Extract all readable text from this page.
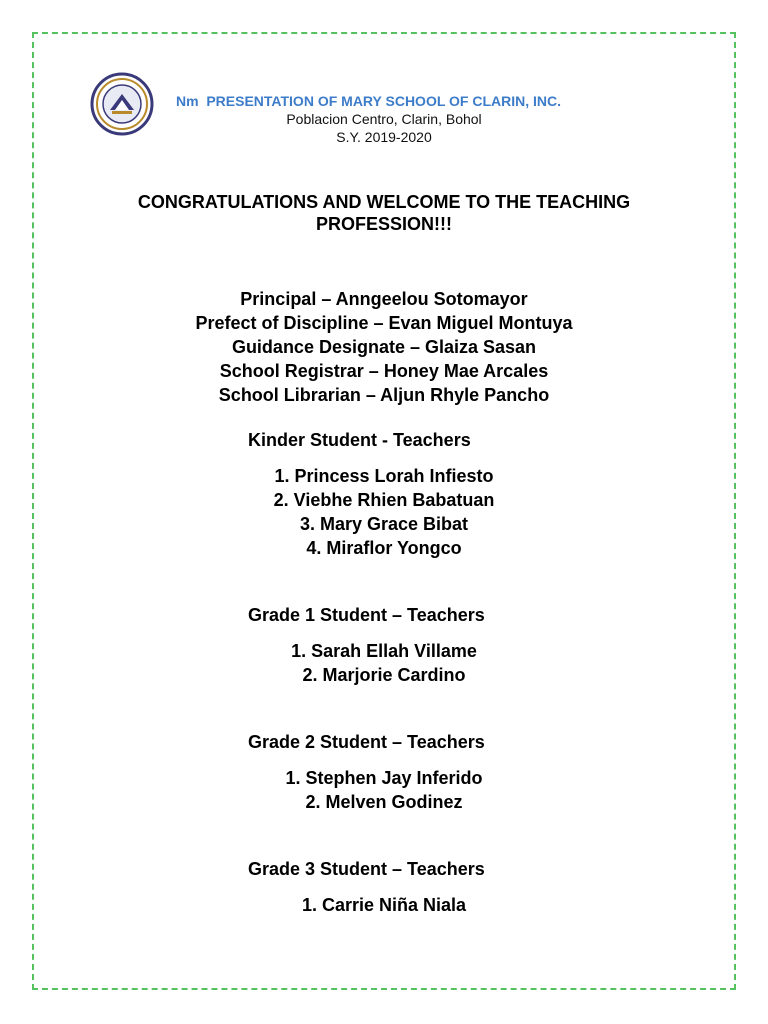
Nm  PRESENTATION OF MARY SCHOOL OF CLARIN, INC.
Poblacion Centro, Clarin, Bohol
S.Y. 2019-2020
CONGRATULATIONS AND WELCOME TO THE TEACHING
PROFESSION!!!
Principal – Anngeelou Sotomayor
Prefect of Discipline – Evan Miguel Montuya
Guidance Designate – Glaiza Sasan
School Registrar – Honey Mae Arcales
School Librarian – Aljun Rhyle Pancho
Kinder Student - Teachers
1. Princess Lorah Infiesto
2. Viebhe Rhien Babatuan
3. Mary Grace Bibat
4. Miraflor Yongco
Grade 1 Student – Teachers
1. Sarah Ellah Villame
2. Marjorie Cardino
Grade 2 Student – Teachers
1. Stephen Jay Inferido
2. Melven Godinez
Grade 3 Student – Teachers
1. Carrie Niña Niala
